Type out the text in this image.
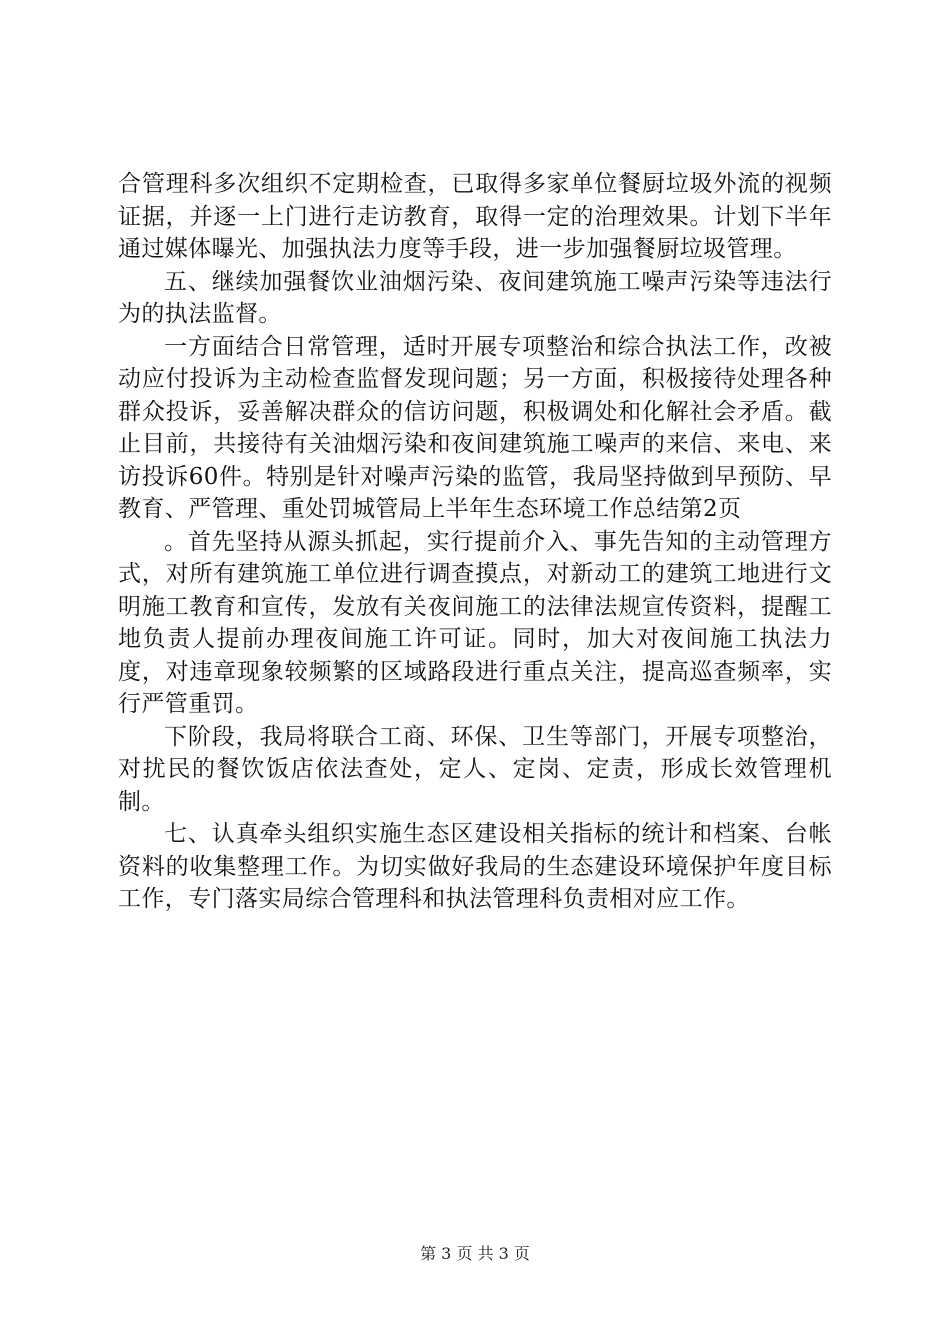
合管理科多次组织不定期检查，已取得多家单位餐厨垃圾外流的视频证据，并逐一上门进行走访教育，取得一定的治理效果。计划下半年通过媒体曝光、加强执法力度等手段，进一步加强餐厨垃圾管理。

五、继续加强餐饮业油烟污染、夜间建筑施工噪声污染等违法行为的执法监督。

一方面结合日常管理，适时开展专项整治和综合执法工作，改被动应付投诉为主动检查监督发现问题；另一方面，积极接待处理各种群众投诉，妥善解决群众的信访问题，积极调处和化解社会矛盾。截止目前，共接待有关油烟污染和夜间建筑施工噪声的来信、来电、来访投诉60件。特别是针对噪声污染的监管，我局坚持做到早预防、早教育、严管理、重处罚城管局上半年生态环境工作总结第2页

。首先坚持从源头抓起，实行提前介入、事先告知的主动管理方式，对所有建筑施工单位进行调查摸点，对新动工的建筑工地进行文明施工教育和宣传，发放有关夜间施工的法律法规宣传资料，提醒工地负责人提前办理夜间施工许可证。同时，加大对夜间施工执法力度，对违章现象较频繁的区域路段进行重点关注，提高巡查频率，实行严管重罚。

下阶段，我局将联合工商、环保、卫生等部门，开展专项整治，对扰民的餐饮饭店依法查处，定人、定岗、定责，形成长效管理机制。

七、认真牵头组织实施生态区建设相关指标的统计和档案、台帐资料的收集整理工作。为切实做好我局的生态建设环境保护年度目标工作，专门落实局综合管理科和执法管理科负责相对应工作。

第 3 页 共 3 页
